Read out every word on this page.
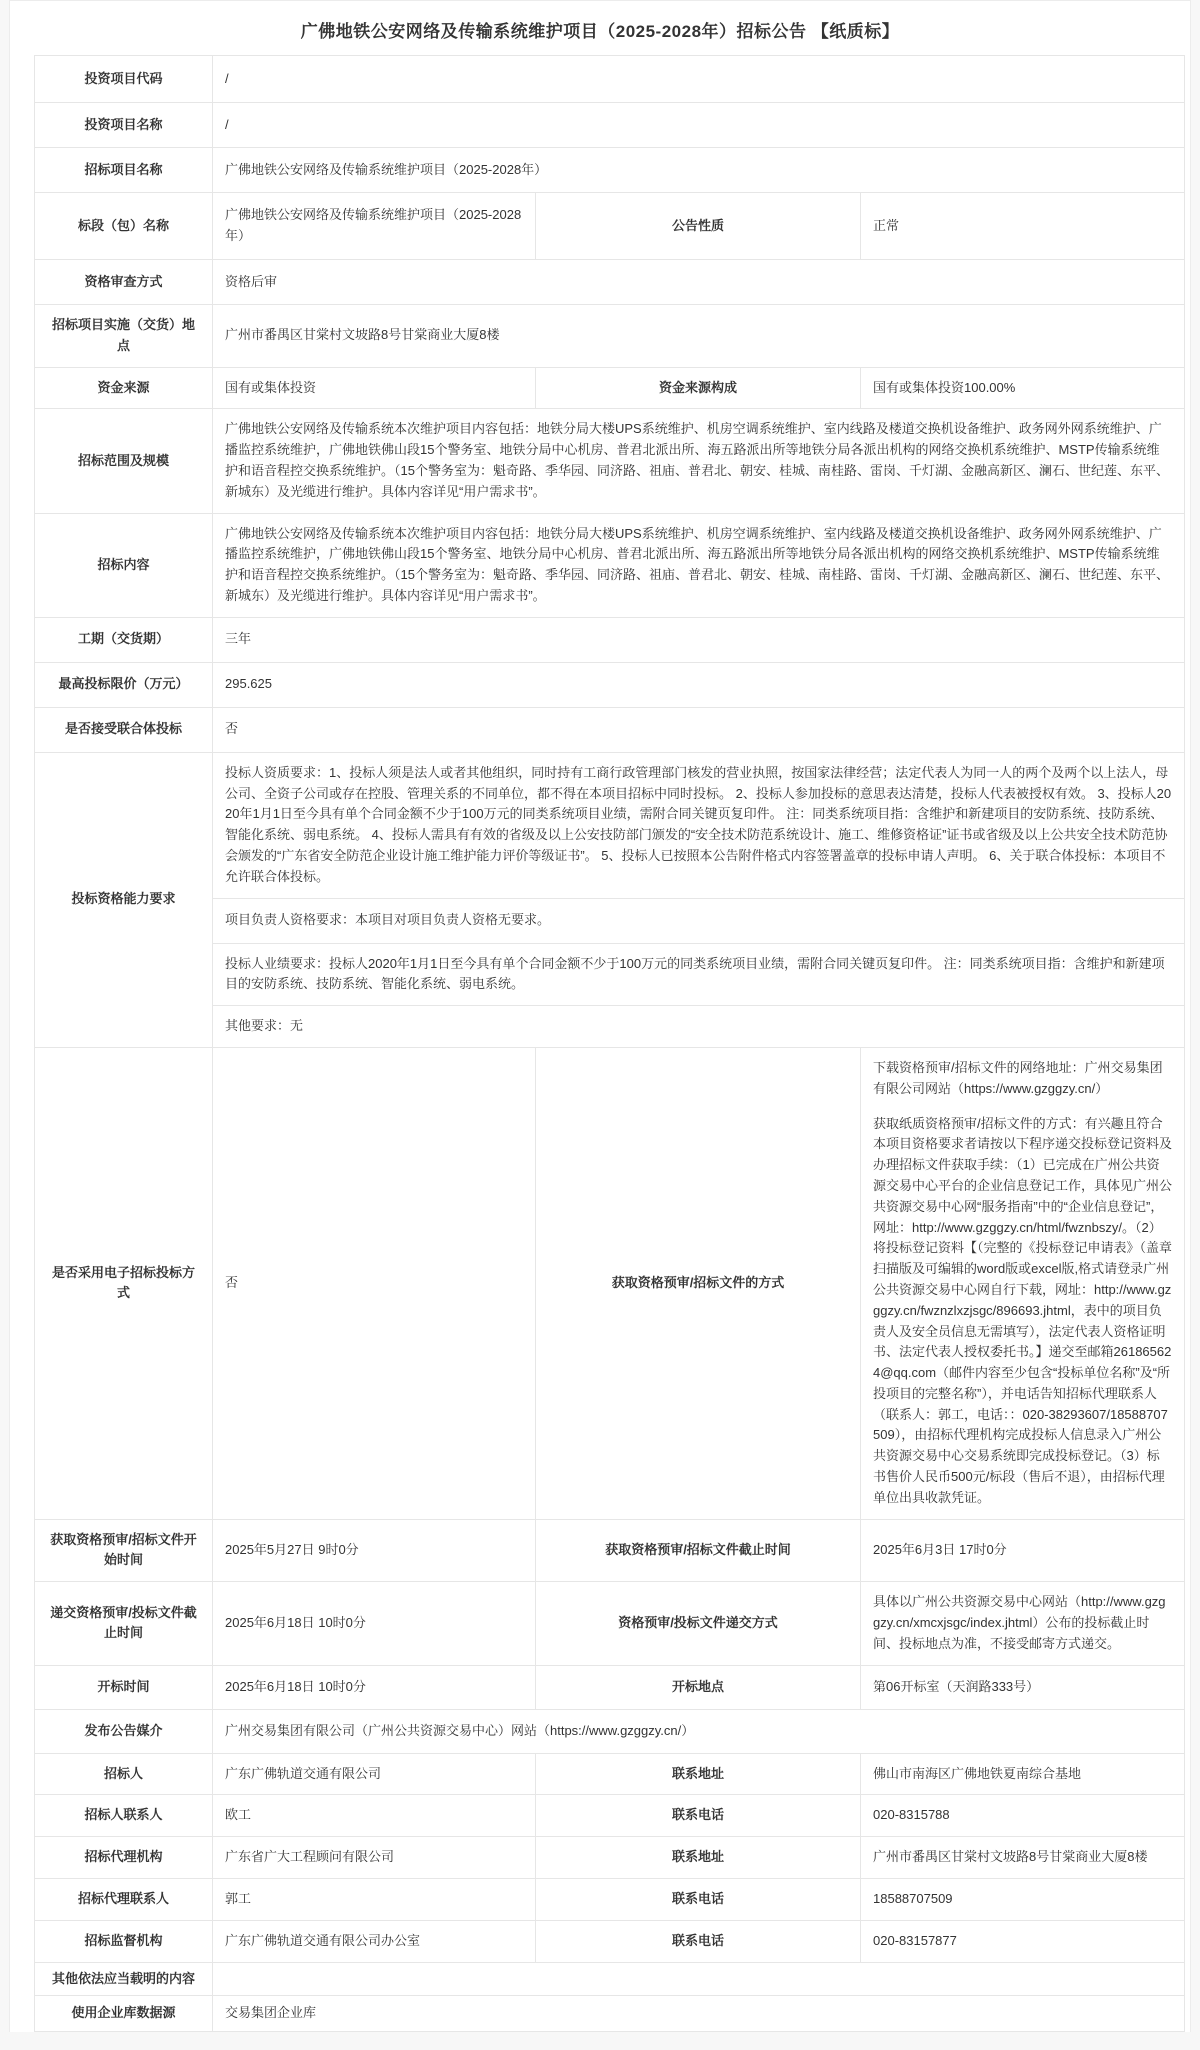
广佛地铁公安网络及传输系统维护项目（2025-2028年）招标公告 【纸质标】
投资项目代码	/		
投资项目名称	/		
招标项目名称	广佛地铁公安网络及传输系统维护项目（2025-2028年）		
标段（包）名称	广佛地铁公安网络及传输系统维护项目（2025-2028年）	公告性质	正常
资格审查方式	资格后审		
招标项目实施（交货）地点	广州市番禺区甘棠村文坡路8号甘棠商业大厦8楼		
资金来源	国有或集体投资	资金来源构成	国有或集体投资100.00%
招标范围及规模	广佛地铁公安网络及传输系统本次维护项目内容包括：地铁分局大楼UPS系统维护、机房空调系统维护、室内线路及楼道交换机设备维护、政务网外网系统维护、广播监控系统维护，广佛地铁佛山段15个警务室、地铁分局中心机房、普君北派出所、海五路派出所等地铁分局各派出机构的网络交换机系统维护、MSTP传输系统维护和语音程控交换系统维护。（15个警务室为：魁奇路、季华园、同济路、祖庙、普君北、朝安、桂城、南桂路、雷岗、千灯湖、金融高新区、澜石、世纪莲、东平、新城东）及光缆进行维护。具体内容详见“用户需求书”。		
招标内容	广佛地铁公安网络及传输系统本次维护项目内容包括：地铁分局大楼UPS系统维护、机房空调系统维护、室内线路及楼道交换机设备维护、政务网外网系统维护、广播监控系统维护，广佛地铁佛山段15个警务室、地铁分局中心机房、普君北派出所、海五路派出所等地铁分局各派出机构的网络交换机系统维护、MSTP传输系统维护和语音程控交换系统维护。（15个警务室为：魁奇路、季华园、同济路、祖庙、普君北、朝安、桂城、南桂路、雷岗、千灯湖、金融高新区、澜石、世纪莲、东平、新城东）及光缆进行维护。具体内容详见“用户需求书”。		
工期（交货期）	三年		
最高投标限价（万元）	295.625		
是否接受联合体投标	否		
投标资格能力要求	投标人资质要求：1、投标人须是法人或者其他组织，同时持有工商行政管理部门核发的营业执照，按国家法律经营；法定代表人为同一人的两个及两个以上法人，母公司、全资子公司或存在控股、管理关系的不同单位，都不得在本项目招标中同时投标。 2、投标人参加投标的意思表达清楚，投标人代表被授权有效。 3、投标人2020年1月1日至今具有单个合同金额不少于100万元的同类系统项目业绩，需附合同关键页复印件。 注：同类系统项目指：含维护和新建项目的安防系统、技防系统、智能化系统、弱电系统。 4、投标人需具有有效的省级及以上公安技防部门颁发的“安全技术防范系统设计、施工、维修资格证”证书或省级及以上公共安全技术防范协会颁发的“广东省安全防范企业设计施工维护能力评价等级证书”。 5、投标人已按照本公告附件格式内容签署盖章的投标申请人声明。 6、关于联合体投标：本项目不允许联合体投标。		
	项目负责人资格要求：本项目对项目负责人资格无要求。		
	投标人业绩要求：投标人2020年1月1日至今具有单个合同金额不少于100万元的同类系统项目业绩，需附合同关键页复印件。 注：同类系统项目指：含维护和新建项目的安防系统、技防系统、智能化系统、弱电系统。		
	其他要求：无		
是否采用电子招标投标方式	否	获取资格预审/招标文件的方式	下载资格预审/招标文件的网络地址：广州交易集团有限公司网站（https://www.gzggzy.cn/）

获取纸质资格预审/招标文件的方式：有兴趣且符合本项目资格要求者请按以下程序递交投标登记资料及办理招标文件获取手续：（1）已完成在广州公共资源交易中心平台的企业信息登记工作，具体见广州公共资源交易中心网“服务指南”中的“企业信息登记”，网址：http://www.gzggzy.cn/html/fwznbszy/。（2）将投标登记资料【（完整的《投标登记申请表》（盖章扫描版及可编辑的word版或excel版,格式请登录广州公共资源交易中心网自行下载，网址：http://www.gzggzy.cn/fwznzlxzjsgc/896693.jhtml，表中的项目负责人及安全员信息无需填写），法定代表人资格证明书、法定代表人授权委托书。】递交至邮箱261865624@qq.com（邮件内容至少包含“投标单位名称”及“所投项目的完整名称”），并电话告知招标代理联系人（联系人：郭工，电话：：020-38293607/18588707509），由招标代理机构完成投标人信息录入广州公共资源交易中心交易系统即完成投标登记。（3）标书售价人民币500元/标段（售后不退），由招标代理单位出具收款凭证。

获取资格预审/招标文件开始时间	2025年5月27日 9时0分	获取资格预审/招标文件截止时间	2025年6月3日 17时0分
递交资格预审/投标文件截止时间	2025年6月18日 10时0分	资格预审/投标文件递交方式	具体以广州公共资源交易中心网站（http://www.gzggzy.cn/xmcxjsgc/index.jhtml）公布的投标截止时间、投标地点为准，不接受邮寄方式递交。
开标时间	2025年6月18日 10时0分	开标地点	第06开标室（天润路333号）
发布公告媒介	广州交易集团有限公司（广州公共资源交易中心）网站（https://www.gzggzy.cn/）		
招标人	广东广佛轨道交通有限公司	联系地址	佛山市南海区广佛地铁夏南综合基地
招标人联系人	欧工	联系电话	020-8315788
招标代理机构	广东省广大工程顾问有限公司	联系地址	广州市番禺区甘棠村文坡路8号甘棠商业大厦8楼
招标代理联系人	郭工	联系电话	18588707509
招标监督机构	广东广佛轨道交通有限公司办公室	联系电话	020-83157877
其他依法应当载明的内容			
使用企业库数据源	交易集团企业库		
